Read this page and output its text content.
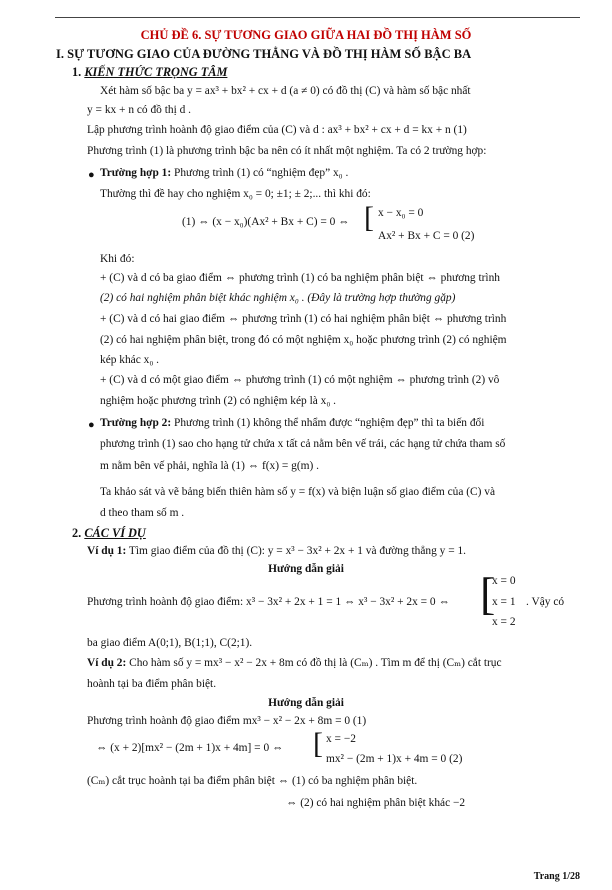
CHỦ ĐỀ 6. SỰ TƯƠNG GIAO GIỮA HAI ĐỒ THỊ HÀM SỐ
I. SỰ TƯƠNG GIAO CỦA ĐƯỜNG THẲNG VÀ ĐỒ THỊ HÀM SỐ BẬC BA
1. KIẾN THỨC TRỌNG TÂM
Xét hàm số bậc ba y = ax³ + bx² + cx + d (a ≠ 0) có đồ thị (C) và hàm số bậc nhất
y = kx + n có đồ thị d .
Lập phương trình hoành độ giao điểm của (C) và d : ax³ + bx² + cx + d = kx + n (1)
Phương trình (1) là phương trình bậc ba nên có ít nhất một nghiệm. Ta có 2 trường hợp:
● Trường hợp 1: Phương trình (1) có “nghiệm đẹp” x₀ .
Thường thì đề hay cho nghiệm x₀ = 0; ±1; ± 2;... thì khi đó:
(1) ⇔ (x − x₀)(Ax² + Bx + C) = 0 ⇔ [ x − x₀ = 0
Ax² + Bx + C = 0 (2)
Khi đó:
+ (C) và d có ba giao điểm ⇔ phương trình (1) có ba nghiệm phân biệt ⇔ phương trình
(2) có hai nghiệm phân biệt khác nghiệm x₀ . (Đây là trường hợp thường gặp)
+ (C) và d có hai giao điểm ⇔ phương trình (1) có hai nghiệm phân biệt ⇔ phương trình
(2) có hai nghiệm phân biệt, trong đó có một nghiệm x₀ hoặc phương trình (2) có nghiệm
kép khác x₀ .
+ (C) và d có một giao điểm ⇔ phương trình (1) có một nghiệm ⇔ phương trình (2) vô
nghiệm hoặc phương trình (2) có nghiệm kép là x₀ .
● Trường hợp 2: Phương trình (1) không thể nhẩm được “nghiệm đẹp” thì ta biến đổi
phương trình (1) sao cho hạng tử chứa x tất cả nằm bên vế trái, các hạng tử chứa tham số
m nằm bên vế phải, nghĩa là (1) ⇔ f(x) = g(m) .
Ta khảo sát và vẽ bảng biến thiên hàm số y = f(x) và biện luận số giao điểm của (C) và
d theo tham số m .
2. CÁC VÍ DỤ
Ví dụ 1: Tìm giao điểm của đồ thị (C): y = x³ − 3x² + 2x + 1 và đường thẳng y = 1.
Hướng dẫn giải
Phương trình hoành độ giao điểm: x³ − 3x² + 2x + 1 = 1 ⇔ x³ − 3x² + 2x = 0 ⇔ [
x = 0
x = 1
x = 2
. Vậy có
ba giao điểm A(0;1), B(1;1), C(2;1).
Ví dụ 2: Cho hàm số y = mx³ − x² − 2x + 8m có đồ thị là (Cₘ) . Tìm m để thị (Cₘ) cắt trục
hoành tại ba điểm phân biệt.
Hướng dẫn giải
Phương trình hoành độ giao điểm mx³ − x² − 2x + 8m = 0 (1)
⇔ (x + 2)[mx² − (2m + 1)x + 4m] = 0 ⇔ [ x = −2
mx² − (2m + 1)x + 4m = 0 (2)
(Cₘ) cắt trục hoành tại ba điểm phân biệt ⇔ (1) có ba nghiệm phân biệt.
⇔ (2) có hai nghiệm phân biệt khác −2
Trang 1/28
